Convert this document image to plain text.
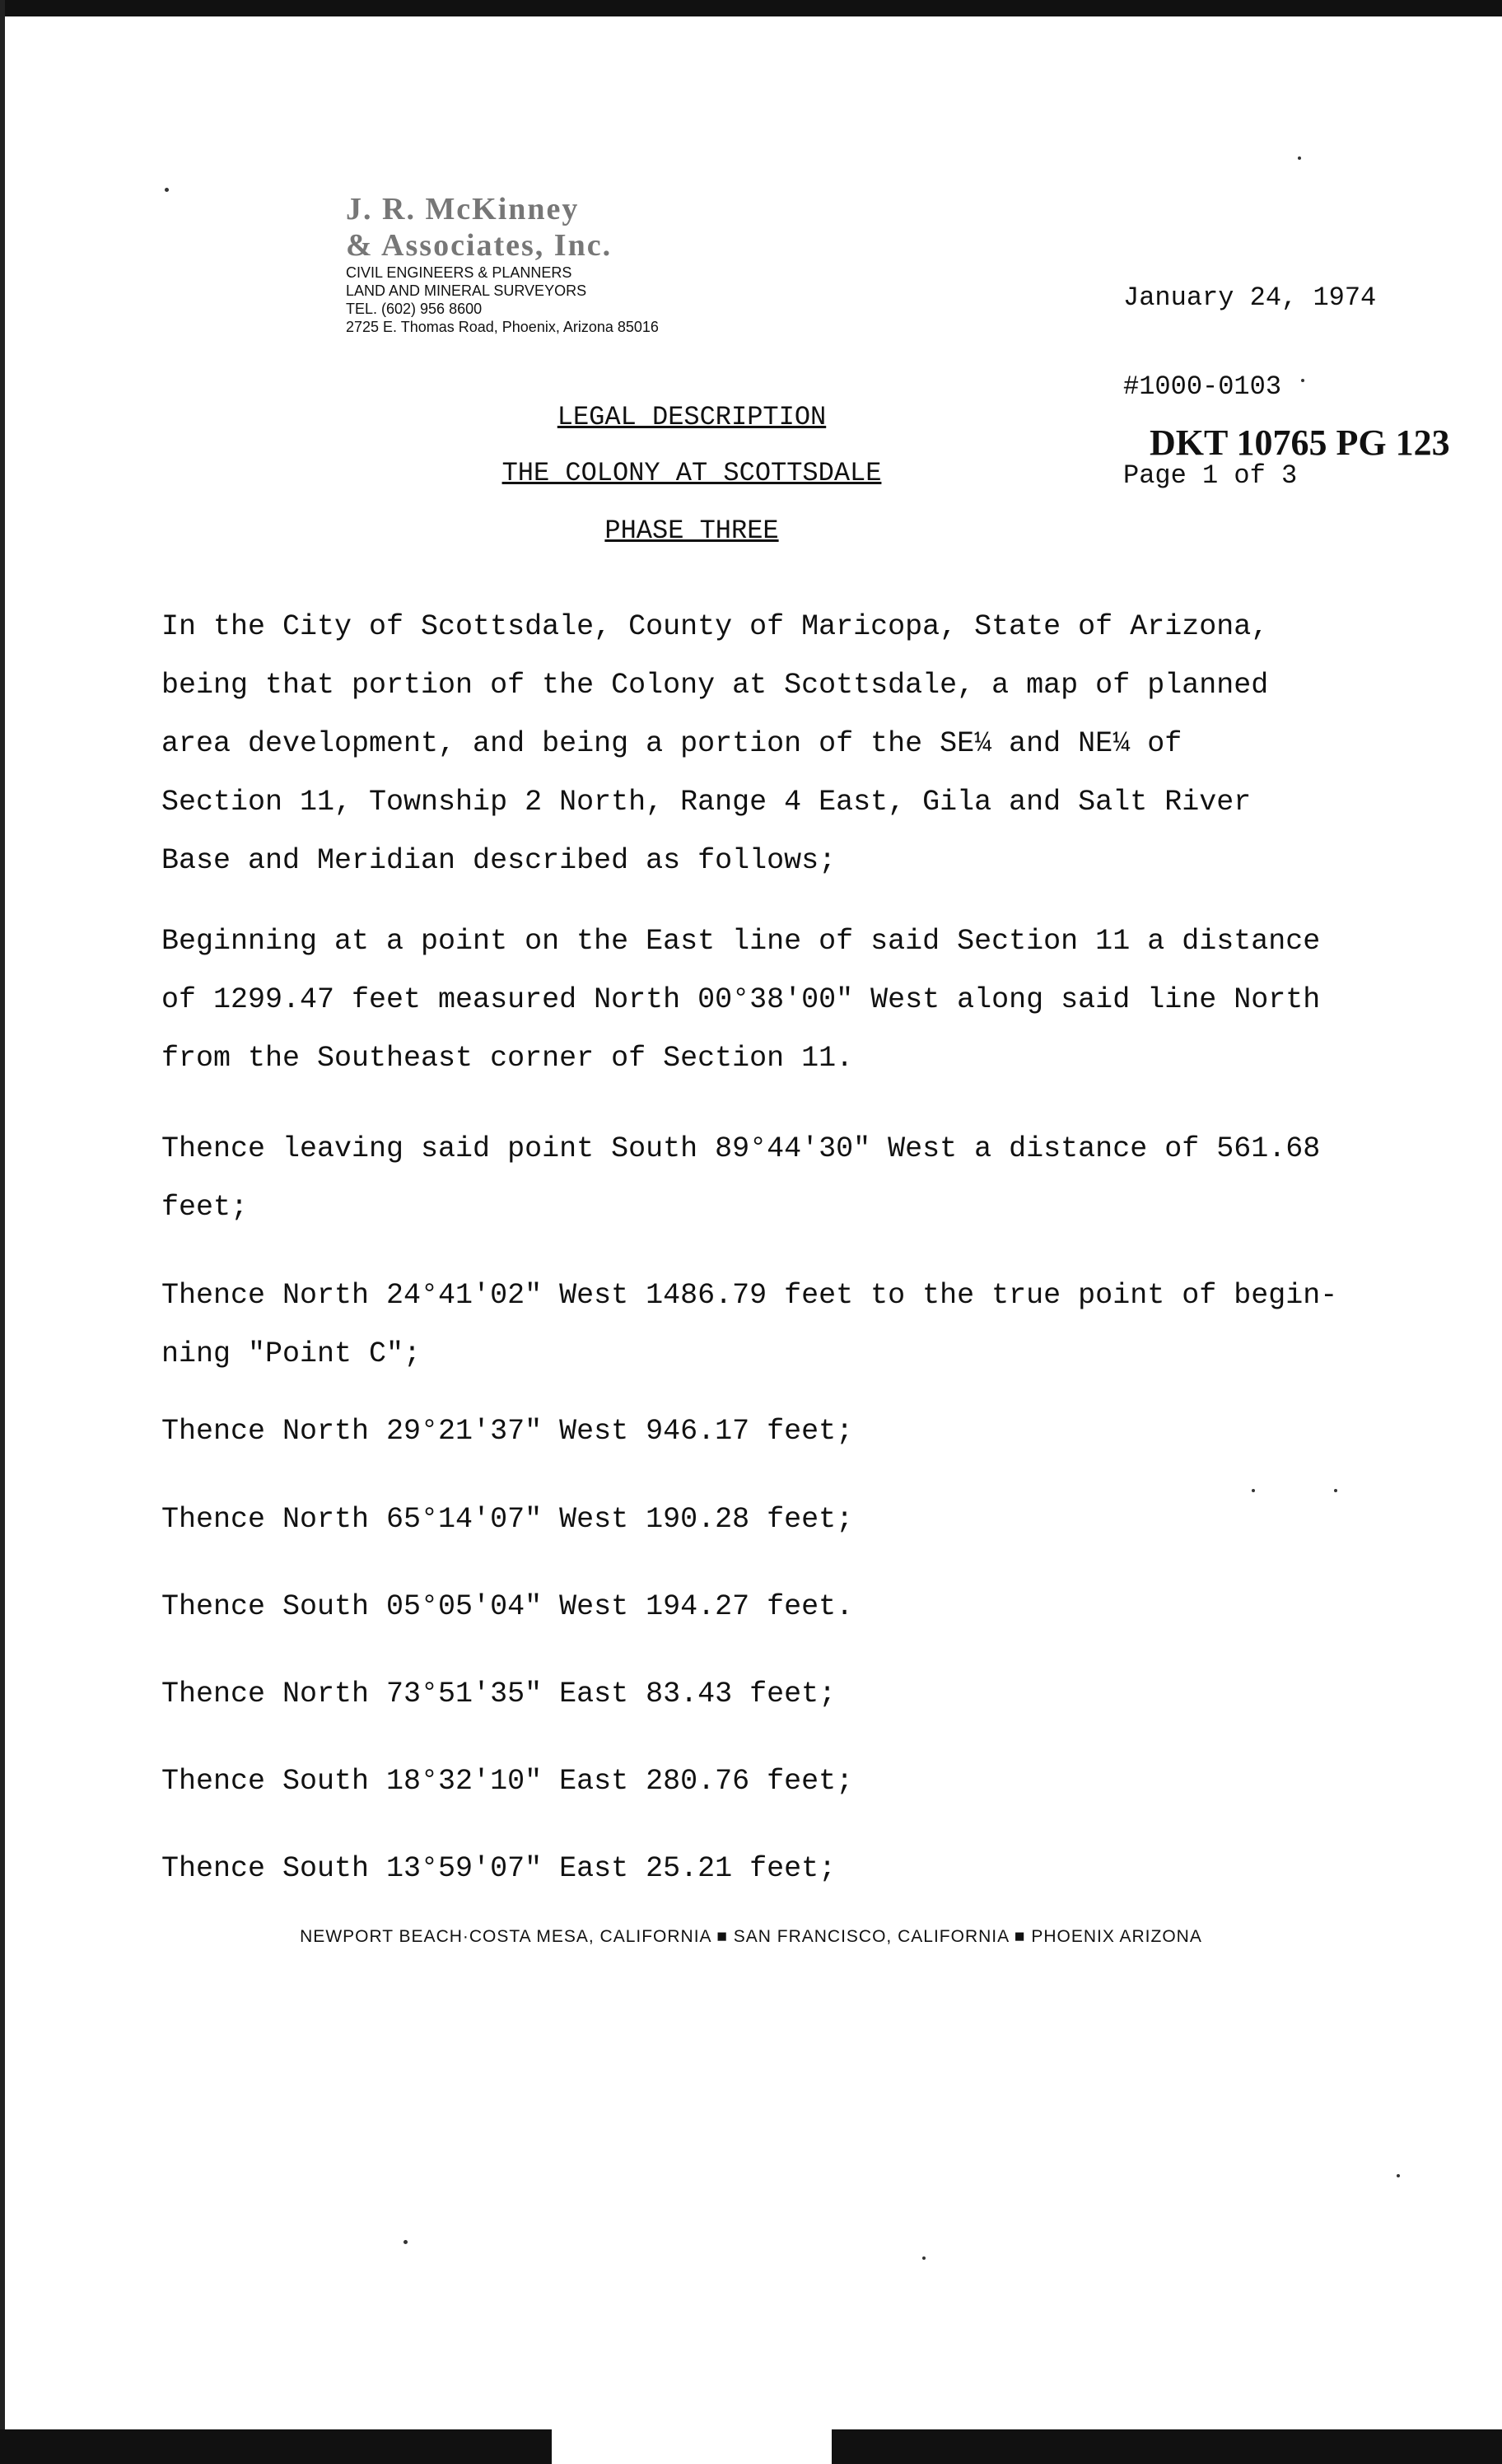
J. R. McKinney
& Associates, Inc.
CIVIL ENGINEERS & PLANNERS
LAND AND MINERAL SURVEYORS
TEL. (602) 956 8600
2725 E. Thomas Road, Phoenix, Arizona 85016

January 24, 1974

#1000-0103

Page 1 of 3

DKT 10765 PG 123
LEGAL DESCRIPTION
THE COLONY AT SCOTTSDALE
PHASE THREE
In the City of Scottsdale, County of Maricopa, State of Arizona,
being that portion of the Colony at Scottsdale, a map of planned
area development, and being a portion of the SE¼ and NE¼ of
Section 11, Township 2 North, Range 4 East, Gila and Salt River
Base and Meridian described as follows;
Beginning at a point on the East line of said Section 11 a distance
of 1299.47 feet measured North 00°38'00" West along said line North
from the Southeast corner of Section 11.
Thence leaving said point South 89°44'30" West a distance of 561.68
feet;
Thence North 24°41'02" West 1486.79 feet to the true point of begin-
ning "Point C";
Thence North 29°21'37" West 946.17 feet;
Thence North 65°14'07" West 190.28 feet;
Thence South 05°05'04" West 194.27 feet.
Thence North 73°51'35" East 83.43 feet;
Thence South 18°32'10" East 280.76 feet;
Thence South 13°59'07" East 25.21 feet;
NEWPORT BEACH·COSTA MESA, CALIFORNIA ■ SAN FRANCISCO, CALIFORNIA ■ PHOENIX ARIZONA
